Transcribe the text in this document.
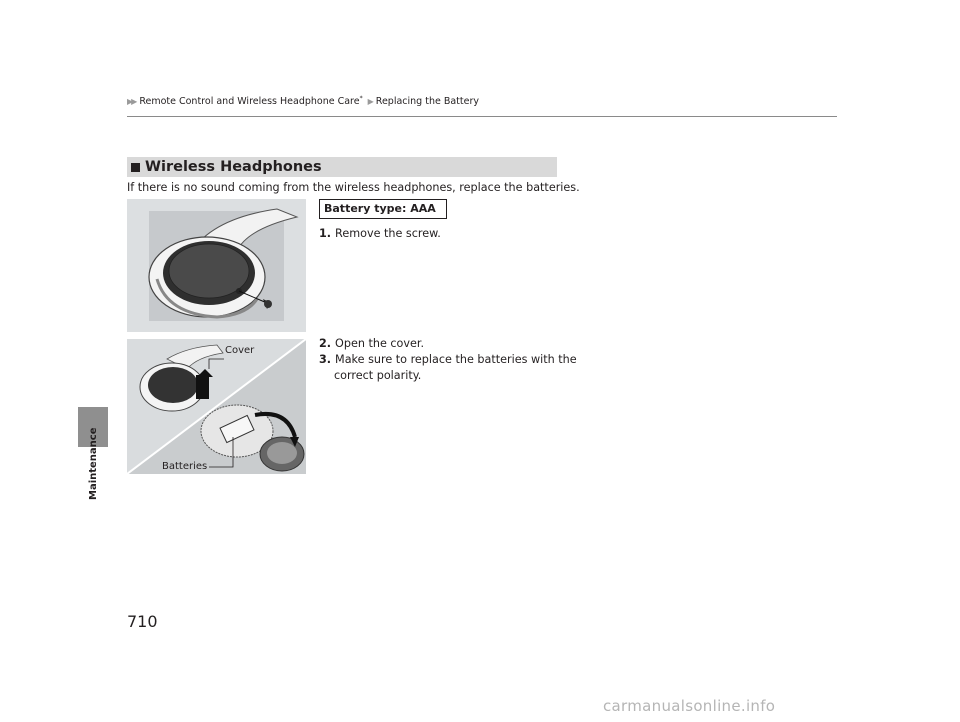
▶▶ Remote Control and Wireless Headphone Care* ▶ Replacing the Battery
Maintenance
Wireless Headphones
If there is no sound coming from the wireless headphones, replace the batteries.
Battery type: AAA
1. Remove the screw.
Cover
Batteries
2. Open the cover.
3. Make sure to replace the batteries with the
correct polarity.
710
carmanualsonline.info
